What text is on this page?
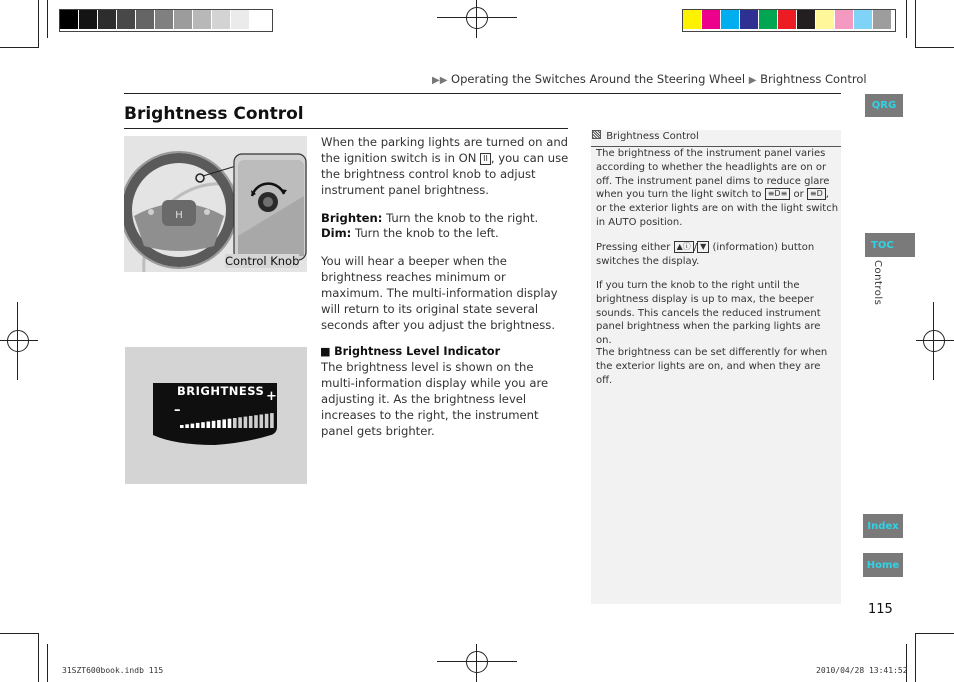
▶▶ Operating the Switches Around the Steering Wheel ▶ Brightness Control
Brightness Control	QRG
TOC
Controls
Index
Home
115
H
Control Knob
When the parking lights are turned on and the ignition switch is in ON II , you can use the brightness control knob to adjust instrument panel brightness.
Brighten: Turn the knob to the right.
Dim: Turn the knob to the left.
You will hear a beeper when the brightness reaches minimum or maximum. The multi-information display will return to its original state several seconds after you adjust the brightness.
■ Brightness Level Indicator
The brightness level is shown on the multi-information display while you are adjusting it. As the brightness level increases to the right, the instrument panel gets brighter.
BRIGHTNESS
–
+
Brightness Control
The brightness of the instrument panel varies according to whether the headlights are on or off. The instrument panel dims to reduce glare when you turn the light switch to ≡D≡ or ≡D , or the exterior lights are on with the light switch in AUTO position.
Pressing either ▲ⓘ / ▼ (information) button switches the display.
If you turn the knob to the right until the brightness display is up to max, the beeper sounds. This cancels the reduced instrument panel brightness when the parking lights are on.
The brightness can be set differently for when the exterior lights are on, and when they are off.
31SZT600book.indb 115	2010/04/28 13:41:52
